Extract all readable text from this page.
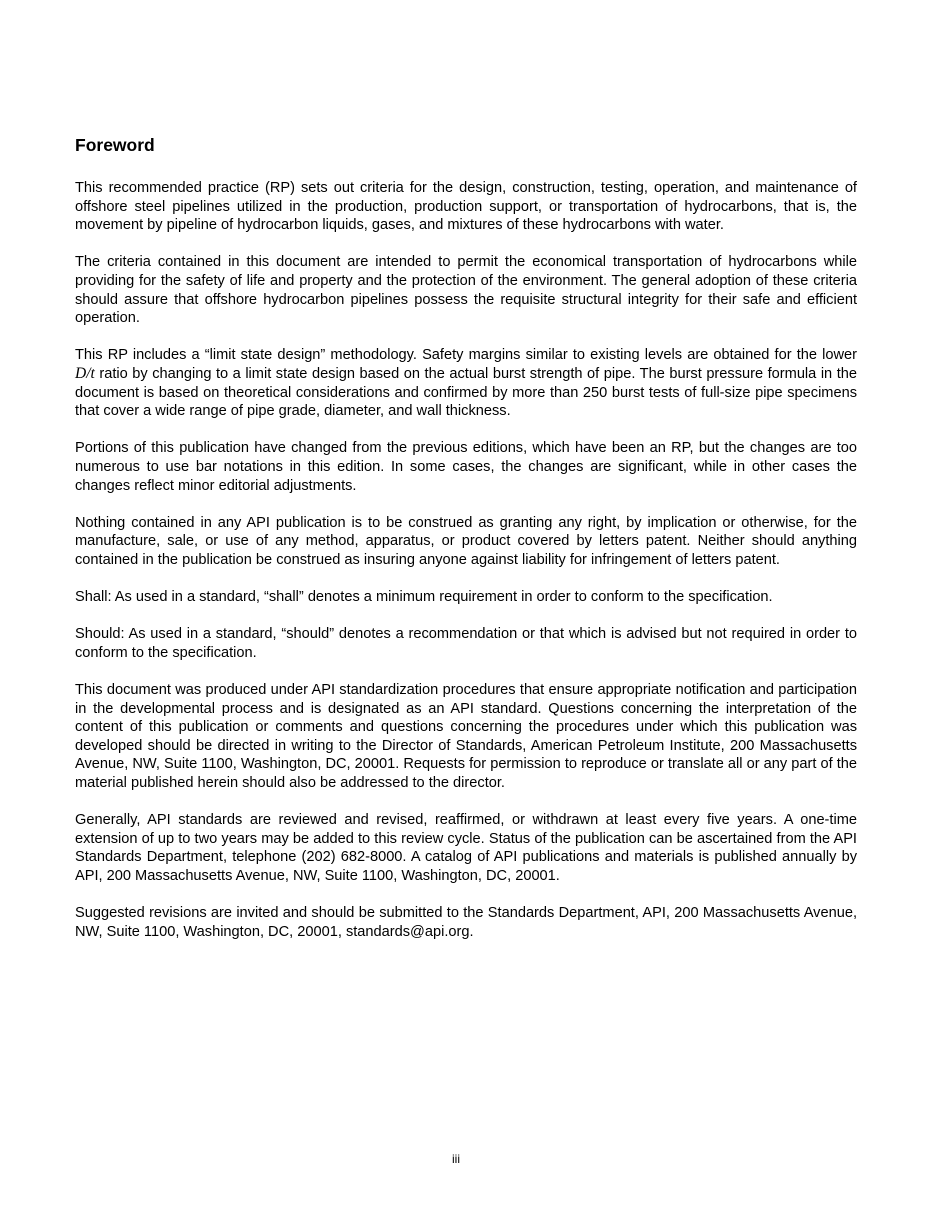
Foreword

This recommended practice (RP) sets out criteria for the design, construction, testing, operation, and maintenance of offshore steel pipelines utilized in the production, production support, or transportation of hydrocarbons, that is, the movement by pipeline of hydrocarbon liquids, gases, and mixtures of these hydrocarbons with water.

The criteria contained in this document are intended to permit the economical transportation of hydrocarbons while providing for the safety of life and property and the protection of the environment. The general adoption of these criteria should assure that offshore hydrocarbon pipelines possess the requisite structural integrity for their safe and efficient operation.

This RP includes a “limit state design” methodology. Safety margins similar to existing levels are obtained for the lower D/t ratio by changing to a limit state design based on the actual burst strength of pipe. The burst pressure formula in the document is based on theoretical considerations and confirmed by more than 250 burst tests of full-size pipe specimens that cover a wide range of pipe grade, diameter, and wall thickness.

Portions of this publication have changed from the previous editions, which have been an RP, but the changes are too numerous to use bar notations in this edition. In some cases, the changes are significant, while in other cases the changes reflect minor editorial adjustments.

Nothing contained in any API publication is to be construed as granting any right, by implication or otherwise, for the manufacture, sale, or use of any method, apparatus, or product covered by letters patent. Neither should anything contained in the publication be construed as insuring anyone against liability for infringement of letters patent.

Shall: As used in a standard, “shall” denotes a minimum requirement in order to conform to the specification.

Should: As used in a standard, “should” denotes a recommendation or that which is advised but not required in order to conform to the specification.

This document was produced under API standardization procedures that ensure appropriate notification and participation in the developmental process and is designated as an API standard. Questions concerning the interpretation of the content of this publication or comments and questions concerning the procedures under which this publication was developed should be directed in writing to the Director of Standards, American Petroleum Institute, 200 Massachusetts Avenue, NW, Suite 1100, Washington, DC, 20001. Requests for permission to reproduce or translate all or any part of the material published herein should also be addressed to the director.

Generally, API standards are reviewed and revised, reaffirmed, or withdrawn at least every five years. A one-time extension of up to two years may be added to this review cycle. Status of the publication can be ascertained from the API Standards Department, telephone (202) 682-8000. A catalog of API publications and materials is published annually by API, 200 Massachusetts Avenue, NW, Suite 1100, Washington, DC, 20001.

Suggested revisions are invited and should be submitted to the Standards Department, API, 200 Massachusetts Avenue, NW, Suite 1100, Washington, DC, 20001, standards@api.org.

iii
